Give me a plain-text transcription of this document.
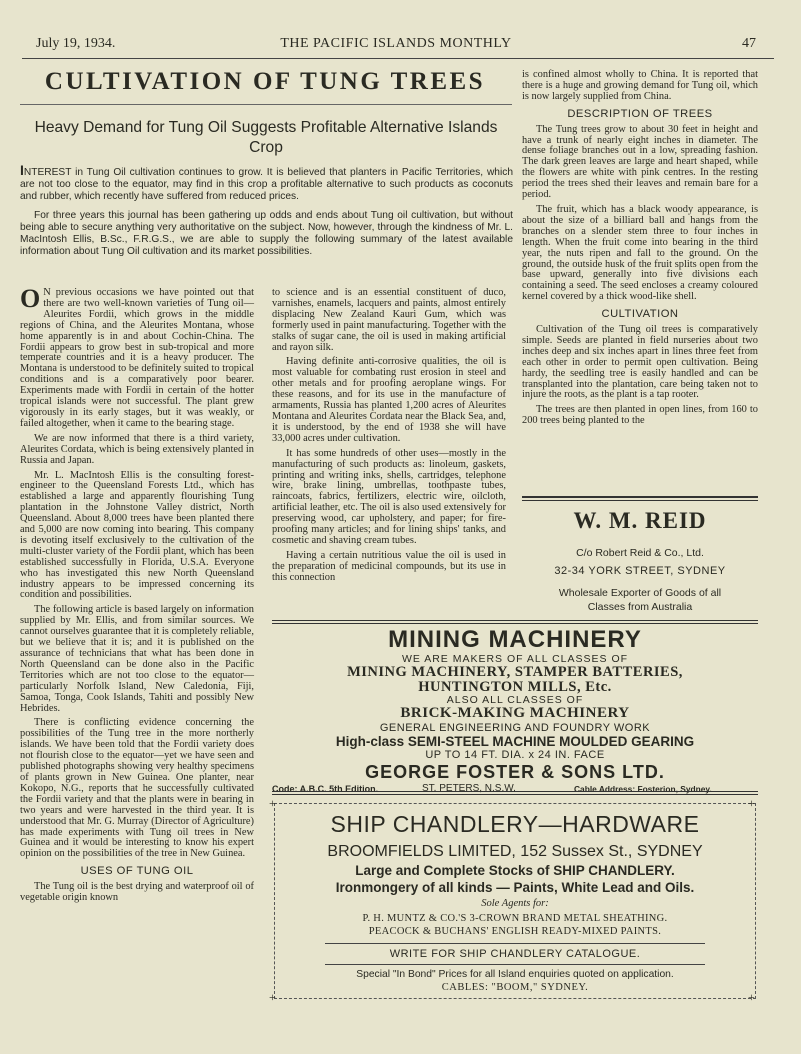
July 19, 1934.	THE PACIFIC ISLANDS MONTHLY	47
CULTIVATION OF TUNG TREES
Heavy Demand for Tung Oil Suggests Profitable Alternative Islands Crop

INTEREST in Tung Oil cultivation continues to grow. It is believed that planters in Pacific Territories, which are not too close to the equator, may find in this crop a profitable alternative to such products as coconuts and rubber, which recently have suffered from reduced prices.

For three years this journal has been gathering up odds and ends about Tung oil cultivation, but without being able to secure anything very authoritative on the subject. Now, however, through the kindness of Mr. L. MacIntosh Ellis, B.Sc., F.R.G.S., we are able to supply the following summary of the latest available information about Tung Oil cultivation and its market possibilities.

O N previous occasions we have pointed out that there are two well-known varieties of Tung oil—Aleurites Fordii, which grows in the middle regions of China, and the Aleurites Montana, whose home apparently is in and about Cochin-China. The Fordii appears to grow best in sub-tropical and more temperate countries and it is a heavy producer. The Montana is understood to be definitely suited to tropical conditions and is a comparatively poor bearer. Experiments made with Fordii in certain of the hotter tropical islands were not successful. The plant grew vigorously in its early stages, but it was weakly, or failed altogether, when it came to the bearing stage.

We are now informed that there is a third variety, Aleurites Cordata, which is being extensively planted in Russia and Japan.

Mr. L. MacIntosh Ellis is the consulting forest-engineer to the Queensland Forests Ltd., which has established a large and apparently flourishing Tung plantation in the Johnstone Valley district, North Queensland. About 8,000 trees have been planted there and 5,000 are now coming into bearing. This company is devoting itself exclusively to the cultivation of the multi-cluster variety of the Fordii plant, which has been established successfully in Florida, U.S.A. Everyone who has investigated this new North Queensland industry appears to be impressed concerning its condition and possibilities.

The following article is based largely on information supplied by Mr. Ellis, and from similar sources. We cannot ourselves guarantee that it is completely reliable, but we believe that it is; and it is published on the assurance of technicians that what has been done in North Queensland can be done also in the Pacific Territories which are not too close to the equator—particularly Norfolk Island, New Caledonia, Fiji, Samoa, Tonga, Cook Islands, Tahiti and possibly New Hebrides.

There is conflicting evidence concerning the possibilities of the Tung tree in the more northerly islands. We have been told that the Fordii variety does not flourish close to the equator—yet we have seen and published photographs showing very healthy specimens of plants grown in New Guinea. One planter, near Kokopo, N.G., reports that he successfully cultivated the Fordii variety and that the plants were in bearing in two years and were harvested in the third year. It is understood that Mr. G. Murray (Director of Agriculture) has made experiments with Tung oil trees in New Guinea and it would be interesting to know his expert opinion on the possibilities of the tree in New Guinea.

USES OF TUNG OIL

The Tung oil is the best drying and waterproof oil of vegetable origin known

to science and is an essential constituent of duco, varnishes, enamels, lacquers and paints, almost entirely displacing New Zealand Kauri Gum, which was formerly used in paint manufacturing. Together with the stalks of sugar cane, the oil is used in making artificial and rayon silk.

Having definite anti-corrosive qualities, the oil is most valuable for combating rust erosion in steel and other metals and for proofing aeroplane wings. For these reasons, and for its use in the manufacture of armaments, Russia has planted 1,200 acres of Aleurites Montana and Aleurites Cordata near the Black Sea, and, it is understood, by the end of 1938 she will have 33,000 acres under cultivation.

It has some hundreds of other uses—mostly in the manufacturing of such products as: linoleum, gaskets, printing and writing inks, shells, cartridges, telephone wire, brake lining, umbrellas, toothpaste tubes, raincoats, fabrics, fertilizers, electric wire, oilcloth, artificial leather, etc. The oil is also used extensively for preserving wood, car upholstery, and paper; for fire-proofing many articles; and for lining ships' tanks, and cosmetic and shaving cream tubes.

Having a certain nutritious value the oil is used in the preparation of medicinal compounds, but its use in this connection

is confined almost wholly to China. It is reported that there is a huge and growing demand for Tung oil, which is now largely supplied from China.

DESCRIPTION OF TREES

The Tung trees grow to about 30 feet in height and have a trunk of nearly eight inches in diameter. The dense foliage branches out in a low, spreading fashion. The dark green leaves are large and heart shaped, while the flowers are white with pink centres. In the resting period the trees shed their leaves and remain bare for a period.

The fruit, which has a black woody appearance, is about the size of a billiard ball and hangs from the branches on a slender stem three to four inches in length. When the fruit come into bearing in the third year, the nuts ripen and fall to the ground. On the ground, the outside husk of the fruit splits open from the base upward, generally into five divisions each containing a seed. The seed encloses a creamy coloured kernel covered by a thick wood-like shell.

CULTIVATION

Cultivation of the Tung oil trees is comparatively simple. Seeds are planted in field nurseries about two inches deep and six inches apart in lines three feet from each other in order to permit open cultivation. Being hardy, the seedling tree is easily handled and can be transplanted into the plantation, care being taken not to injure the roots, as the plant is a tap rooter.

The trees are then planted in open lines, from 160 to 200 trees being planted to the

W. M. REID
C/o Robert Reid & Co., Ltd.
32-34 YORK STREET, SYDNEY
Wholesale Exporter of Goods of all
Classes from Australia
MINING MACHINERY
WE ARE MAKERS OF ALL CLASSES OF
MINING MACHINERY, STAMPER BATTERIES,
HUNTINGTON MILLS, Etc.
ALSO ALL CLASSES OF
BRICK-MAKING MACHINERY
GENERAL ENGINEERING AND FOUNDRY WORK
High-class SEMI-STEEL MACHINE MOULDED GEARING
UP TO 14 FT. DIA. x 24 IN. FACE
GEORGE FOSTER & SONS LTD.
Code: A.B.C. 5th Edition.	ST. PETERS, N.S.W.	Cable Address: Fosterion, Sydney.
+	+
+	+
SHIP CHANDLERY—HARDWARE
BROOMFIELDS LIMITED, 152 Sussex St., SYDNEY
Large and Complete Stocks of SHIP CHANDLERY.
Ironmongery of all kinds — Paints, White Lead and Oils.
Sole Agents for:
P. H. MUNTZ & CO.'S 3-CROWN BRAND METAL SHEATHING.
PEACOCK & BUCHANS' ENGLISH READY-MIXED PAINTS.
WRITE FOR SHIP CHANDLERY CATALOGUE.
Special "In Bond" Prices for all Island enquiries quoted on application.
CABLES: "BOOM," SYDNEY.
